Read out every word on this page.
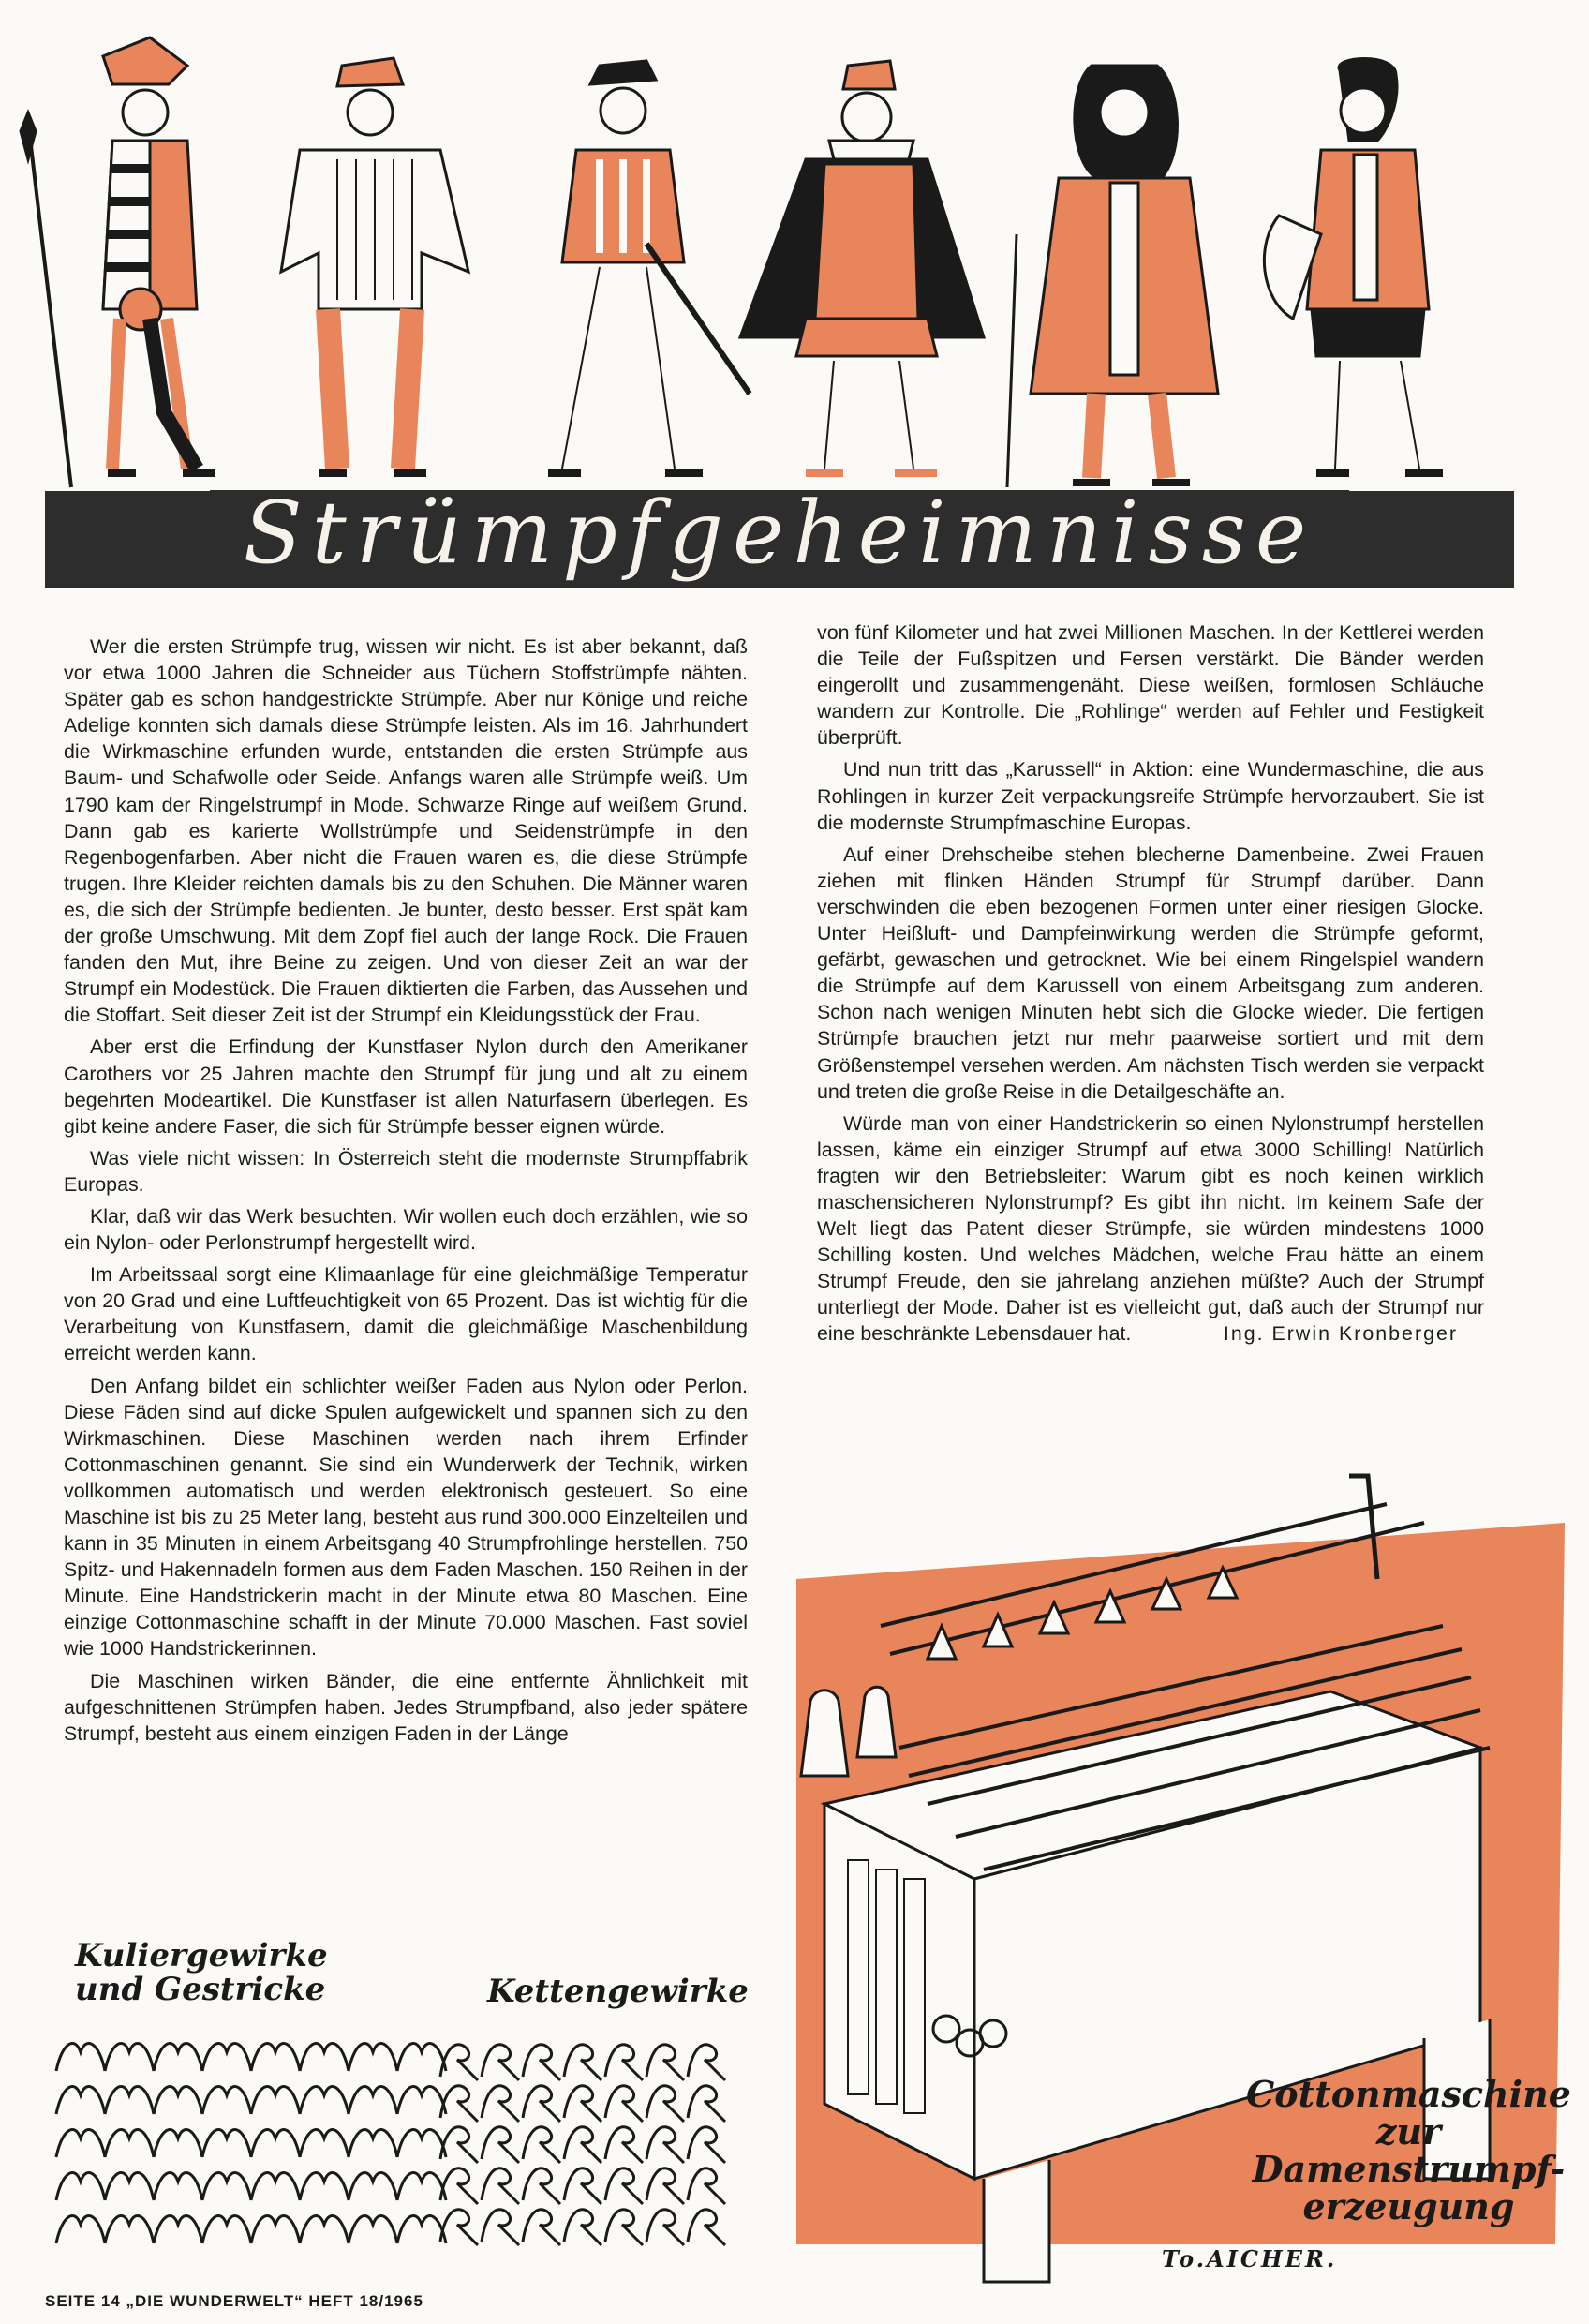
Strümpfgeheimnisse

Wer die ersten Strümpfe trug, wissen wir nicht. Es ist aber bekannt, daß vor etwa 1000 Jahren die Schneider aus Tüchern Stoffstrümpfe nähten. Später gab es schon handgestrickte Strümpfe. Aber nur Könige und reiche Adelige konnten sich damals diese Strümpfe leisten. Als im 16. Jahrhundert die Wirkmaschine erfunden wurde, entstanden die ersten Strümpfe aus Baum- und Schafwolle oder Seide. Anfangs waren alle Strümpfe weiß. Um 1790 kam der Ringelstrumpf in Mode. Schwarze Ringe auf weißem Grund. Dann gab es karierte Wollstrümpfe und Seidenstrümpfe in den Regenbogenfarben. Aber nicht die Frauen waren es, die diese Strümpfe trugen. Ihre Kleider reichten damals bis zu den Schuhen. Die Männer waren es, die sich der Strümpfe bedienten. Je bunter, desto besser. Erst spät kam der große Umschwung. Mit dem Zopf fiel auch der lange Rock. Die Frauen fanden den Mut, ihre Beine zu zeigen. Und von dieser Zeit an war der Strumpf ein Modestück. Die Frauen diktierten die Farben, das Aussehen und die Stoffart. Seit dieser Zeit ist der Strumpf ein Kleidungsstück der Frau.

Aber erst die Erfindung der Kunstfaser Nylon durch den Amerikaner Carothers vor 25 Jahren machte den Strumpf für jung und alt zu einem begehrten Modeartikel. Die Kunstfaser ist allen Naturfasern überlegen. Es gibt keine andere Faser, die sich für Strümpfe besser eignen würde.

Was viele nicht wissen: In Österreich steht die modernste Strumpffabrik Europas.

Klar, daß wir das Werk besuchten. Wir wollen euch doch erzählen, wie so ein Nylon- oder Perlonstrumpf hergestellt wird.

Im Arbeitssaal sorgt eine Klimaanlage für eine gleichmäßige Temperatur von 20 Grad und eine Luftfeuchtigkeit von 65 Prozent. Das ist wichtig für die Verarbeitung von Kunstfasern, damit die gleichmäßige Maschenbildung erreicht werden kann.

Den Anfang bildet ein schlichter weißer Faden aus Nylon oder Perlon. Diese Fäden sind auf dicke Spulen aufgewickelt und spannen sich zu den Wirkmaschinen. Diese Maschinen werden nach ihrem Erfinder Cottonmaschinen genannt. Sie sind ein Wunderwerk der Technik, wirken vollkommen automatisch und werden elektronisch gesteuert. So eine Maschine ist bis zu 25 Meter lang, besteht aus rund 300.000 Einzelteilen und kann in 35 Minuten in einem Arbeitsgang 40 Strumpfrohlinge herstellen. 750 Spitz- und Hakennadeln formen aus dem Faden Maschen. 150 Reihen in der Minute. Eine Handstrickerin macht in der Minute etwa 80 Maschen. Eine einzige Cottonmaschine schafft in der Minute 70.000 Maschen. Fast soviel wie 1000 Handstrickerinnen.

Die Maschinen wirken Bänder, die eine entfernte Ähnlichkeit mit aufgeschnittenen Strümpfen haben. Jedes Strumpfband, also jeder spätere Strumpf, besteht aus einem einzigen Faden in der Länge

von fünf Kilometer und hat zwei Millionen Maschen. In der Kettlerei werden die Teile der Fußspitzen und Fersen verstärkt. Die Bänder werden eingerollt und zusammengenäht. Diese weißen, formlosen Schläuche wandern zur Kontrolle. Die „Rohlinge“ werden auf Fehler und Festigkeit überprüft.

Und nun tritt das „Karussell“ in Aktion: eine Wundermaschine, die aus Rohlingen in kurzer Zeit verpackungsreife Strümpfe hervorzaubert. Sie ist die modernste Strumpfmaschine Europas.

Auf einer Drehscheibe stehen blecherne Damenbeine. Zwei Frauen ziehen mit flinken Händen Strumpf für Strumpf darüber. Dann verschwinden die eben bezogenen Formen unter einer riesigen Glocke. Unter Heißluft- und Dampfeinwirkung werden die Strümpfe geformt, gefärbt, gewaschen und getrocknet. Wie bei einem Ringelspiel wandern die Strümpfe auf dem Karussell von einem Arbeitsgang zum anderen. Schon nach wenigen Minuten hebt sich die Glocke wieder. Die fertigen Strümpfe brauchen jetzt nur mehr paarweise sortiert und mit dem Größenstempel versehen werden. Am nächsten Tisch werden sie verpackt und treten die große Reise in die Detailgeschäfte an.

Würde man von einer Handstrickerin so einen Nylonstrumpf herstellen lassen, käme ein einziger Strumpf auf etwa 3000 Schilling! Natürlich fragten wir den Betriebsleiter: Warum gibt es noch keinen wirklich maschensicheren Nylonstrumpf? Es gibt ihn nicht. Im keinem Safe der Welt liegt das Patent dieser Strümpfe, sie würden mindestens 1000 Schilling kosten. Und welches Mädchen, welche Frau hätte an einem Strumpf Freude, den sie jahrelang anziehen müßte? Auch der Strumpf unterliegt der Mode. Daher ist es vielleicht gut, daß auch der Strumpf nur eine beschränkte Lebensdauer hat.	Ing. Erwin Kronberger

Kuliergewirke
und Gestricke	Kettengewirke
Cottonmaschine
zur
Damenstrumpf-
erzeugung
To.AICHER.
SEITE 14 „DIE WUNDERWELT“ HEFT 18/1965
